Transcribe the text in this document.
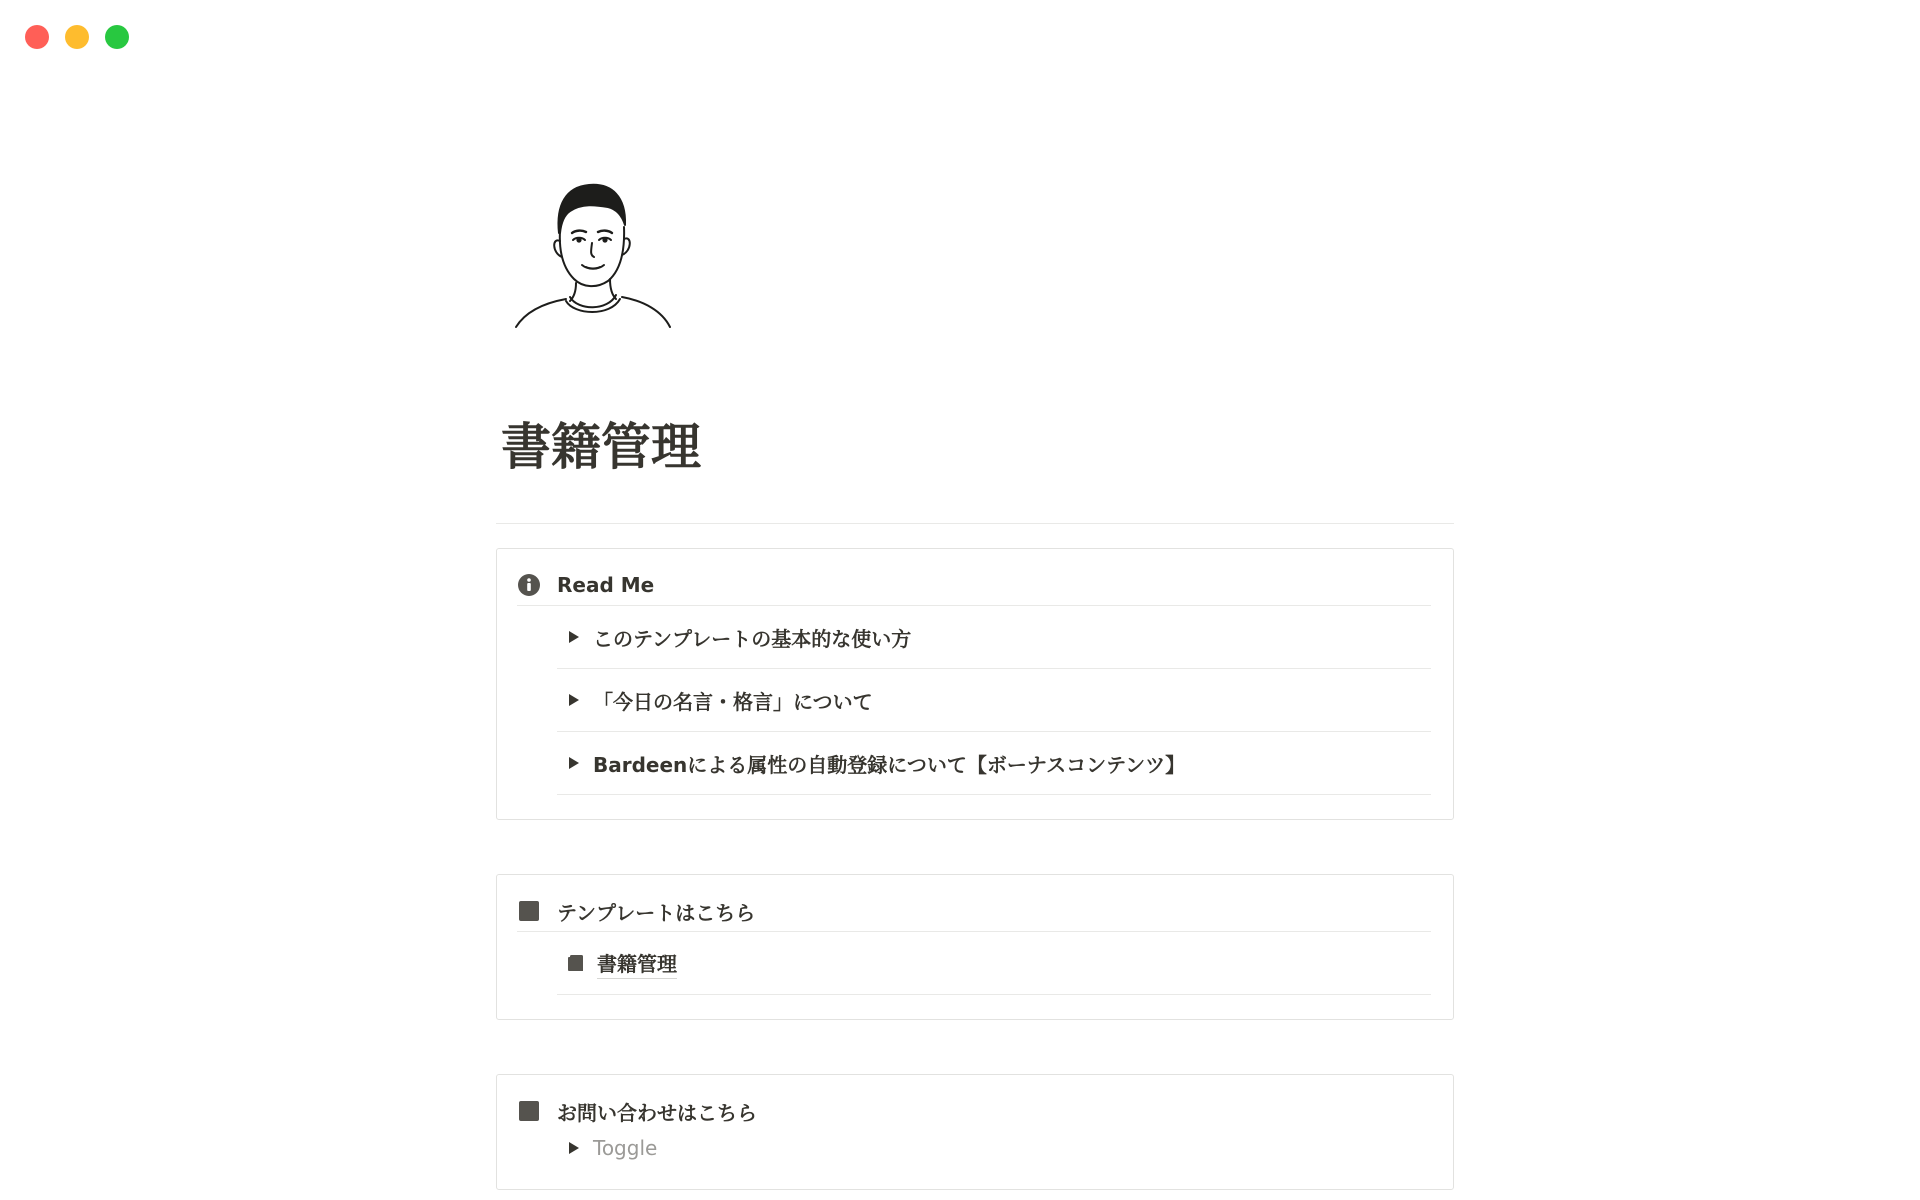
書籍管理
Read Me
このテンプレートの基本的な使い方
「今日の名言・格言」について
Bardeenによる属性の自動登録について【ボーナスコンテンツ】
テンプレートはこちら
書籍管理
お問い合わせはこちら
Toggle
